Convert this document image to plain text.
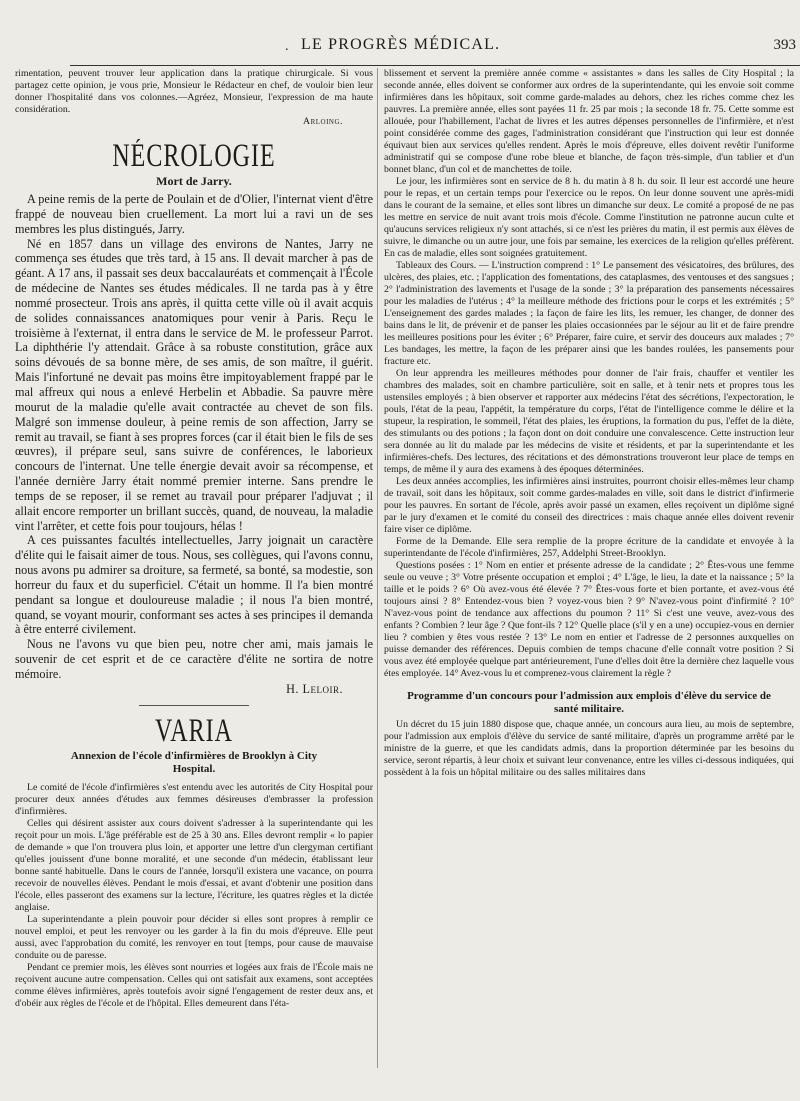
. LE PROGRÈS MÉDICAL.	393

rimentation, peuvent trouver leur application dans la pratique chirurgicale. Si vous partagez cette opinion, je vous prie, Monsieur le Rédacteur en chef, de vouloir bien leur donner l'hospitalité dans vos colonnes.—Agréez, Monsieur, l'expression de ma haute considération.

Arloing.

NÉCROLOGIE
Mort de Jarry.

A peine remis de la perte de Poulain et de d'Olier, l'internat vient d'être frappé de nouveau bien cruellement. La mort lui a ravi un de ses membres les plus distingués, Jarry.

Né en 1857 dans un village des environs de Nantes, Jarry ne commença ses études que très tard, à 15 ans. Il devait marcher à pas de géant. A 17 ans, il passait ses deux baccalauréats et commençait à l'École de médecine de Nantes ses études médicales. Il ne tarda pas à y être nommé prosecteur. Trois ans après, il quitta cette ville où il avait acquis de solides connaissances anatomiques pour venir à Paris. Reçu le troisième à l'externat, il entra dans le service de M. le professeur Parrot. La diphthérie l'y attendait. Grâce à sa robuste constitution, grâce aux soins dévoués de sa bonne mère, de ses amis, de son maître, il guérit. Mais l'infortuné ne devait pas moins être impitoyablement frappé par le mal affreux qui nous a enlevé Herbelin et Abbadie. Sa pauvre mère mourut de la maladie qu'elle avait contractée au chevet de son fils. Malgré son immense douleur, à peine remis de son affection, Jarry se remit au travail, se fiant à ses propres forces (car il était bien le fils de ses œuvres), il prépare seul, sans suivre de conférences, le laborieux concours de l'internat. Une telle énergie devait avoir sa récompense, et l'année dernière Jarry était nommé premier interne. Sans prendre le temps de se reposer, il se remet au travail pour préparer l'adjuvat ; il allait encore remporter un brillant succès, quand, de nouveau, la maladie vint l'arrêter, et cette fois pour toujours, hélas !

A ces puissantes facultés intellectuelles, Jarry joignait un caractère d'élite qui le faisait aimer de tous. Nous, ses collègues, qui l'avons connu, nous avons pu admirer sa droiture, sa fermeté, sa bonté, sa modestie, son horreur du faux et du superficiel. C'était un homme. Il l'a bien montré pendant sa longue et douloureuse maladie ; il nous l'a bien montré, quand, se voyant mourir, conformant ses actes à ses principes il demanda à être enterré civilement.

Nous ne l'avons vu que bien peu, notre cher ami, mais jamais le souvenir de cet esprit et de ce caractère d'élite ne sortira de notre mémoire.

H. Leloir.

VARIA
Annexion de l'école d'infirmières de Brooklyn à City Hospital.

Le comité de l'école d'infirmières s'est entendu avec les autorités de City Hospital pour procurer deux années d'études aux femmes désireuses d'embrasser la profession d'infirmières.

Celles qui désirent assister aux cours doivent s'adresser à la superintendante qui les reçoit pour un mois. L'âge préférable est de 25 à 30 ans. Elles devront remplir « lo papier de demande » que l'on trouvera plus loin, et apporter une lettre d'un clergyman certifiant qu'elles jouissent d'une bonne moralité, et une seconde d'un médecin, établissant leur bonne santé habituelle. Dans le cours de l'année, lorsqu'il existera une vacance, on pourra recevoir de nouvelles élèves. Pendant le mois d'essai, et avant d'obtenir une position dans l'école, elles passeront des examens sur la lecture, l'écriture, les quatres règles et la dictée anglaise.

La superintendante a plein pouvoir pour décider si elles sont propres à remplir ce nouvel emploi, et peut les renvoyer ou les garder à la fin du mois d'épreuve. Elle peut aussi, avec l'approbation du comité, les renvoyer en tout [temps, pour cause de mauvaise conduite ou de paresse.

Pendant ce premier mois, les élèves sont nourries et logées aux frais de l'École mais ne reçoivent aucune autre compensation. Celles qui ont satisfait aux examens, sont acceptées comme élèves infirmières, après toutefois avoir signé l'engagement de rester deux ans, et d'obéir aux règles de l'école et de l'hôpital. Elles demeurent dans l'éta-

blissement et servent la première année comme « assistantes » dans les salles de City Hospital ; la seconde année, elles doivent se conformer aux ordres de la superintendante, qui les envoie soit comme infirmières dans les hôpitaux, soit comme garde-malades au dehors, chez les riches comme chez les pauvres. La première année, elles sont payées 11 fr. 25 par mois ; la seconde 18 fr. 75. Cette somme est allouée, pour l'habillement, l'achat de livres et les autres dépenses personnelles de l'infirmière, et n'est point considérée comme des gages, l'administration considérant que l'instruction qui leur est donnée équivaut bien aux services qu'elles rendent. Après le mois d'épreuve, elles doivent revêtir l'uniforme administratif qui se compose d'une robe bleue et blanche, de façon très-simple, d'un tablier et d'un bonnet blanc, d'un col et de manchettes de toile.

Le jour, les infirmières sont en service de 8 h. du matin à 8 h. du soir. Il leur est accordé une heure pour le repas, et un certain temps pour l'exercice ou le repos. On leur donne souvent une après-midi dans le courant de la semaine, et elles sont libres un dimanche sur deux. Le comité a proposé de ne pas les mettre en service de nuit avant trois mois d'école. Comme l'institution ne patronne aucun culte et qu'aucuns services religieux n'y sont attachés, si ce n'est les prières du matin, il est permis aux élèves de suivre, le dimanche ou un autre jour, une fois par semaine, les exercices de la religion qu'elles préfèrent. En cas de maladie, elles sont soignées gratuitement.

Tableaux des Cours. — L'instruction comprend : 1° Le pansement des vésicatoires, des brûlures, des ulcères, des plaies, etc. ; l'application des fomentations, des cataplasmes, des ventouses et des sangsues ; 2° l'administration des lavements et l'usage de la sonde ; 3° la préparation des pansements nécessaires pour les maladies de l'utérus ; 4° la meilleure méthode des frictions pour le corps et les extrémités ; 5° L'enseignement des gardes malades ; la façon de faire les lits, les remuer, les changer, de donner des bains dans le lit, de prévenir et de panser les plaies occasionnées par le séjour au lit et de faire prendre les meilleures positions pour les éviter ; 6° Préparer, faire cuire, et servir des douceurs aux malades ; 7° Les bandages, les mettre, la façon de les préparer ainsi que les bandes roulées, les pansements pour fracture etc.

On leur apprendra les meilleures méthodes pour donner de l'air frais, chauffer et ventiler les chambres des malades, soit en chambre particulière, soit en salle, et à tenir nets et propres tous les ustensiles employés ; à bien observer et rapporter aux médecins l'état des sécrétions, l'expectoration, le pouls, l'état de la peau, l'appétit, la température du corps, l'état de l'intelligence comme le délire et la stupeur, la respiration, le sommeil, l'état des plaies, les éruptions, la formation du pus, l'effet de la diète, des stimulants ou des potions ; la façon dont on doit conduire une convalescence. Cette instruction leur sera donnée au lit du malade par les médecins de visite et résidents, et par la superintendante et les infirmières-chefs. Des lectures, des récitations et des démonstrations trouveront leur place de temps en temps, de même il y aura des examens à des époques déterminées.

Les deux années accomplies, les infirmières ainsi instruites, pourront choisir elles-mêmes leur champ de travail, soit dans les hôpitaux, soit comme gardes-malades en ville, soit dans le district d'infirmerie pour les pauvres. En sortant de l'école, après avoir passé un examen, elles reçoivent un diplôme signé par le jury d'examen et le comité du conseil des directrices : mais chaque année elles doivent revenir faire viser ce diplôme.

Forme de la Demande. Elle sera remplie de la propre écriture de la candidate et envoyée à la superintendante de l'école d'infirmières, 257, Addelphi Street-Brooklyn.

Questions posées : 1° Nom en entier et présente adresse de la candidate ; 2° Êtes-vous une femme seule ou veuve ; 3° Votre présente occupation et emploi ; 4° L'âge, le lieu, la date et la naissance ; 5° la taille et le poids ? 6° Où avez-vous été élevée ? 7° Êtes-vous forte et bien portante, et avez-vous été toujours ainsi ? 8° Entendez-vous bien ? voyez-vous bien ? 9° N'avez-vous point d'infirmité ? 10° N'avez-vous point de tendance aux affections du poumon ? 11° Si c'est une veuve, avez-vous des enfants ? Combien ? leur âge ? Que font-ils ? 12° Quelle place (s'il y en a une) occupiez-vous en dernier lieu ? combien y êtes vous restée ? 13° Le nom en entier et l'adresse de 2 personnes auxquelles on puisse demander des références. Depuis combien de temps chacune d'elle connaît votre position ? Si vous avez été employée quelque part antérieurement, l'une d'elles doit être la dernière chez laquelle vous étes employée. 14° Avez-vous lu et comprenez-vous clairement la règle ?

Programme d'un concours pour l'admission aux emplois d'élève du service de santé militaire.

Un décret du 15 juin 1880 dispose que, chaque année, un concours aura lieu, au mois de septembre, pour l'admission aux emplois d'élève du service de santé militaire, d'après un programme arrêté par le ministre de la guerre, et que les candidats admis, dans la proportion déterminée par les besoins du service, seront répartis, à leur choix et suivant leur convenance, entre les villes ci-dessous indiquées, qui possèdent à la fois un hôpital militaire ou des salles militaires dans
